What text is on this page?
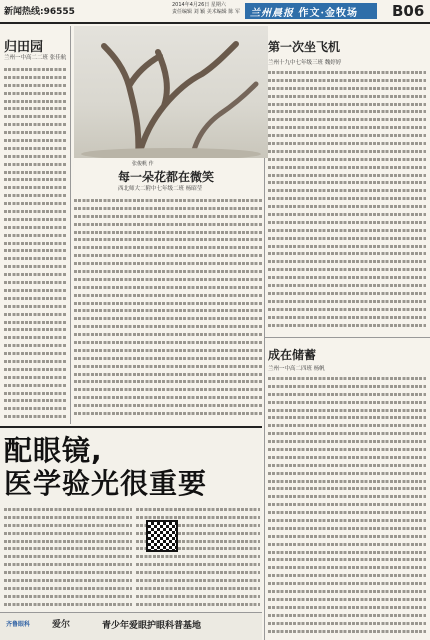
新闻热线:96555
2014年4月26日 星期六
责任编辑 刘 颖 美术编辑 陈 军	兰州晨报 作文·金牧场	B06
归田园
兰州一中高二二班 张佳航
张俊帆 作
第一次坐飞机
兰州十九中七年级三班 魏婷婷
每一朵花都在微笑
西北师大二附中七年级二班 杨昭莹
成在储蓄
兰州一中高二四班 杨帆
配眼镜,
医学验光很重要
齐鲁眼科 爱尔	青少年爱眼护眼科普基地
